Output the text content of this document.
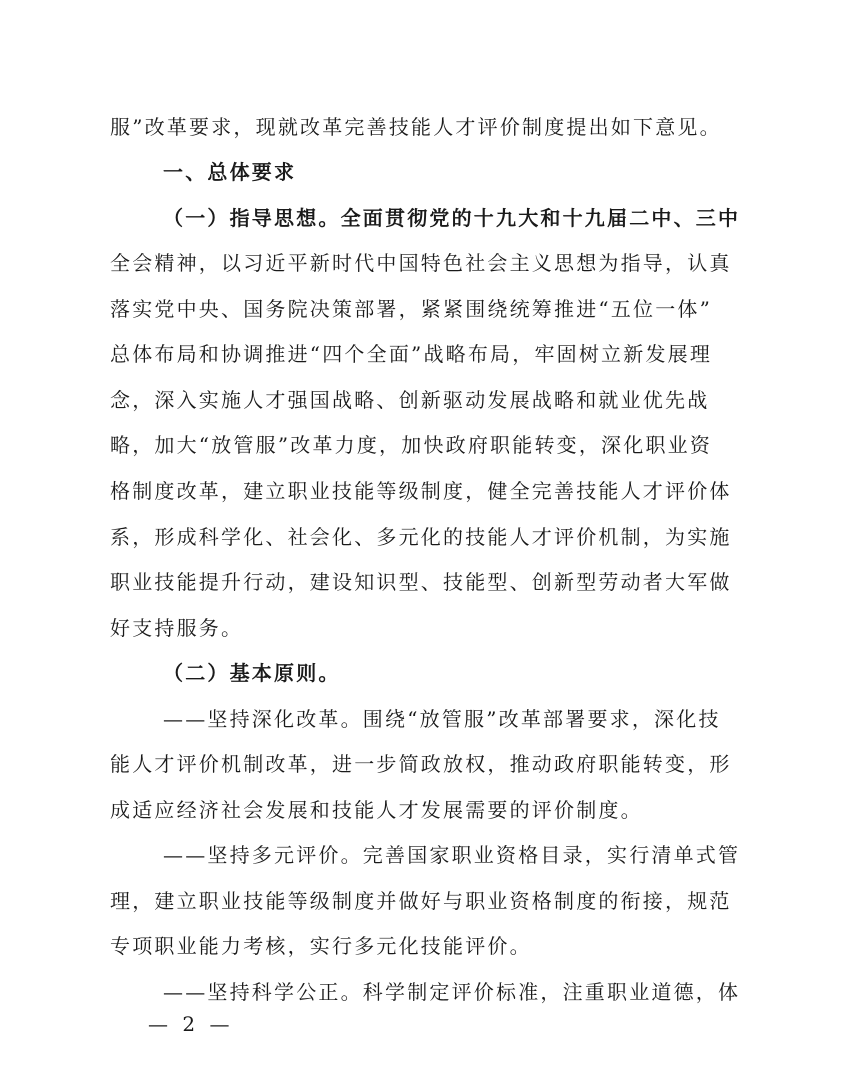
服”改革要求，现就改革完善技能人才评价制度提出如下意见。
一、总体要求
（一）指导思想。全面贯彻党的十九大和十九届二中、三中
全会精神，以习近平新时代中国特色社会主义思想为指导，认真
落实党中央、国务院决策部署，紧紧围绕统筹推进“五位一体”
总体布局和协调推进“四个全面”战略布局，牢固树立新发展理
念，深入实施人才强国战略、创新驱动发展战略和就业优先战
略，加大“放管服”改革力度，加快政府职能转变，深化职业资
格制度改革，建立职业技能等级制度，健全完善技能人才评价体
系，形成科学化、社会化、多元化的技能人才评价机制，为实施
职业技能提升行动，建设知识型、技能型、创新型劳动者大军做
好支持服务。
（二）基本原则。
——坚持深化改革。围绕“放管服”改革部署要求，深化技
能人才评价机制改革，进一步简政放权，推动政府职能转变，形
成适应经济社会发展和技能人才发展需要的评价制度。
——坚持多元评价。完善国家职业资格目录，实行清单式管
理，建立职业技能等级制度并做好与职业资格制度的衔接，规范
专项职业能力考核，实行多元化技能评价。
——坚持科学公正。科学制定评价标准，注重职业道德，体
— 2 —
